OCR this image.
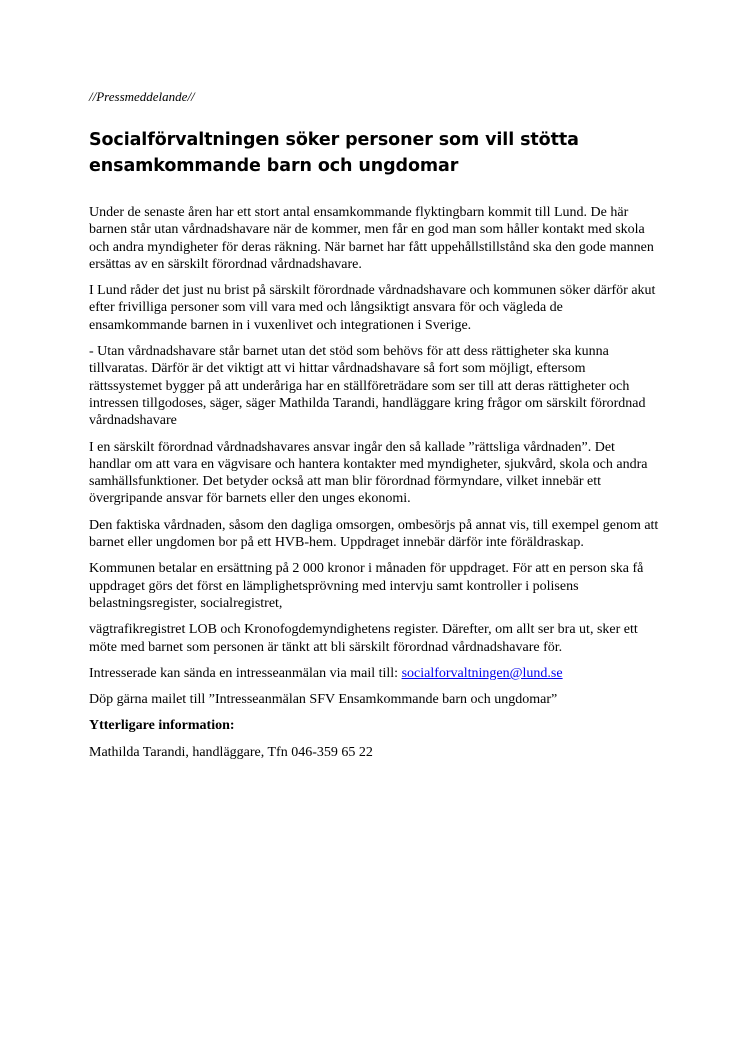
//Pressmeddelande//

Socialförvaltningen söker personer som vill stötta
ensamkommande barn och ungdomar

Under de senaste åren har ett stort antal ensamkommande flyktingbarn kommit till Lund. De här barnen står utan vårdnadshavare när de kommer, men får en god man som håller kontakt med skola och andra myndigheter för deras räkning. När barnet har fått uppehållstillstånd ska den gode mannen ersättas av en särskilt förordnad vårdnadshavare.

I Lund råder det just nu brist på särskilt förordnade vårdnadshavare och kommunen söker därför akut efter frivilliga personer som vill vara med och långsiktigt ansvara för och vägleda de ensamkommande barnen in i vuxenlivet och integrationen i Sverige.

- Utan vårdnadshavare står barnet utan det stöd som behövs för att dess rättigheter ska kunna tillvaratas. Därför är det viktigt att vi hittar vårdnadshavare så fort som möjligt, eftersom rättssystemet bygger på att underåriga har en ställföreträdare som ser till att deras rättigheter och intressen tillgodoses, säger, säger Mathilda Tarandi, handläggare kring frågor om särskilt förordnad vårdnadshavare

I en särskilt förordnad vårdnadshavares ansvar ingår den så kallade ”rättsliga vårdnaden”. Det handlar om att vara en vägvisare och hantera kontakter med myndigheter, sjukvård, skola och andra samhällsfunktioner. Det betyder också att man blir förordnad förmyndare, vilket innebär ett övergripande ansvar för barnets eller den unges ekonomi.

Den faktiska vårdnaden, såsom den dagliga omsorgen, ombesörjs på annat vis, till exempel genom att barnet eller ungdomen bor på ett HVB-hem. Uppdraget innebär därför inte föräldraskap.

Kommunen betalar en ersättning på 2 000 kronor i månaden för uppdraget. För att en person ska få uppdraget görs det först en lämplighetsprövning med intervju samt kontroller i polisens belastningsregister, socialregistret,

vägtrafikregistret LOB och Kronofogdemyndighetens register. Därefter, om allt ser bra ut, sker ett möte med barnet som personen är tänkt att bli särskilt förordnad vårdnadshavare för.

Intresserade kan sända en intresseanmälan via mail till: socialforvaltningen@lund.se

Döp gärna mailet till ”Intresseanmälan SFV Ensamkommande barn och ungdomar”

Ytterligare information:

Mathilda Tarandi, handläggare, Tfn 046-359 65 22
